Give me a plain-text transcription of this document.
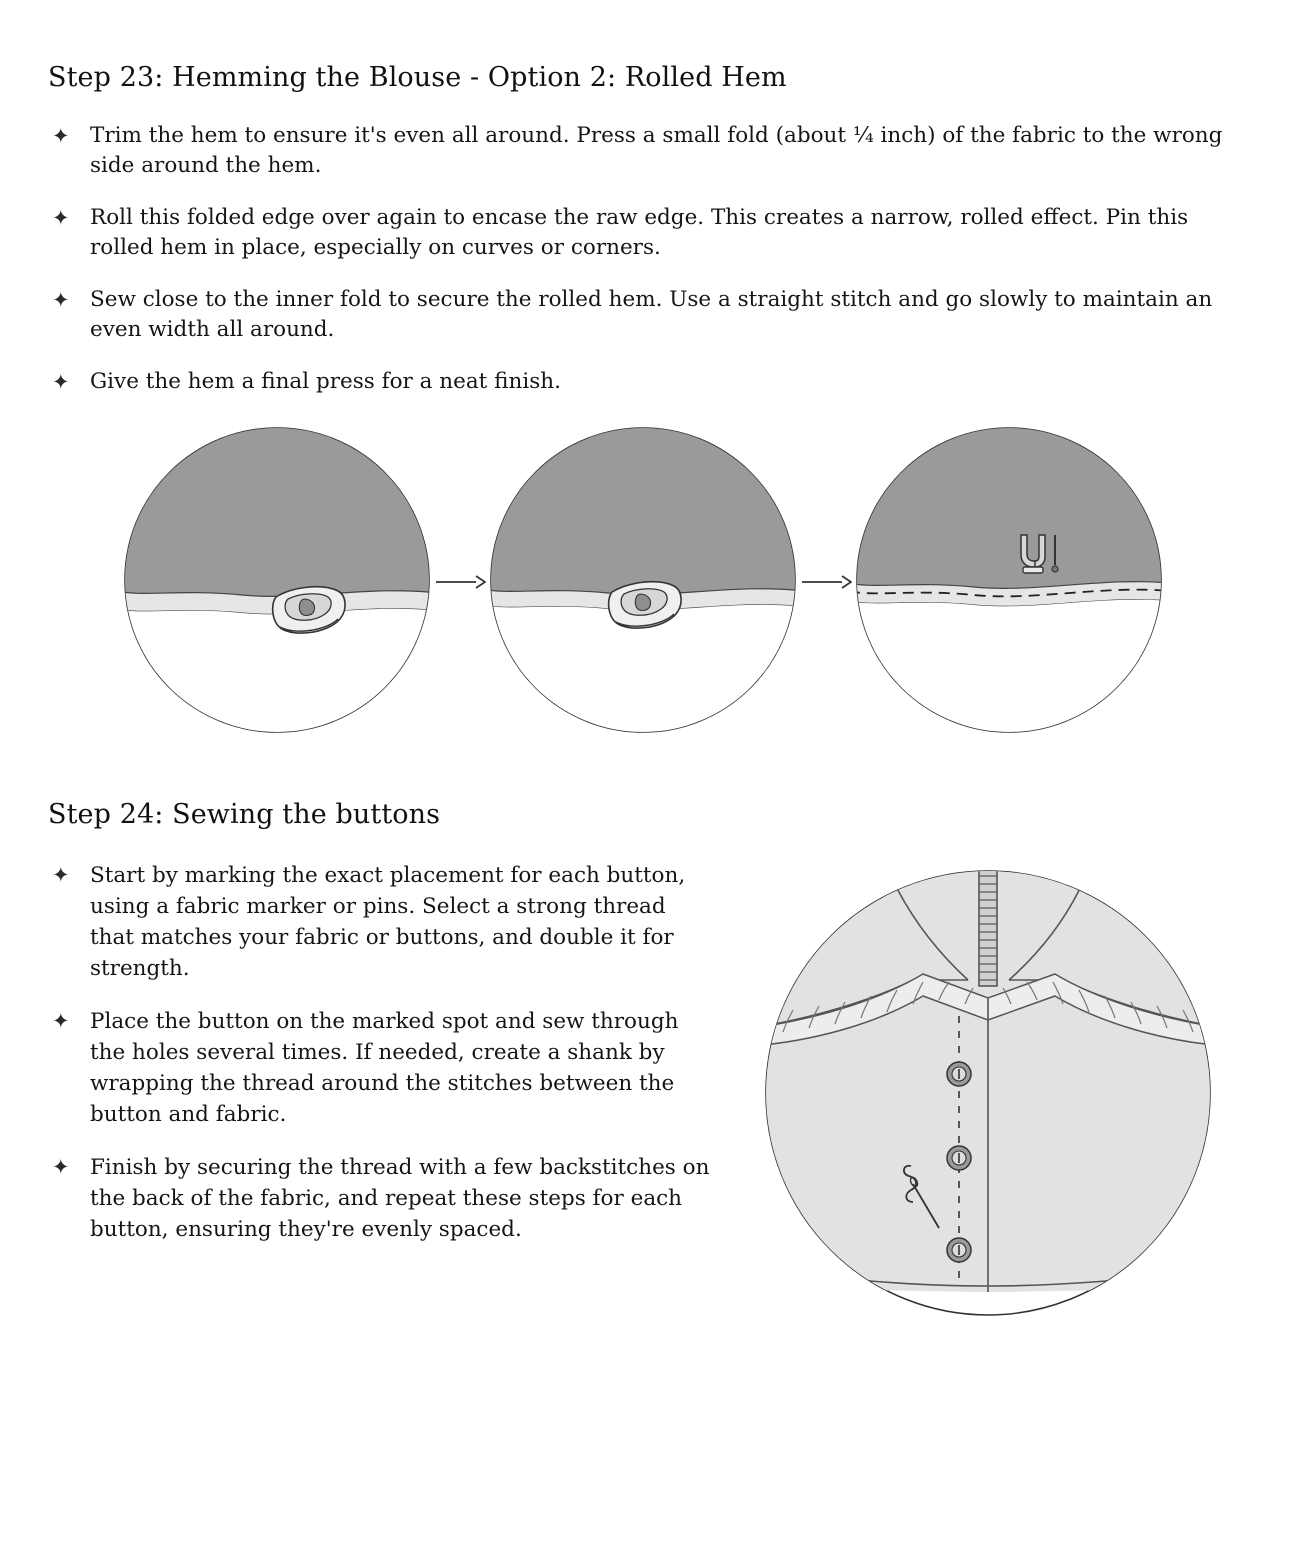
Step 23: Hemming the Blouse - Option 2: Rolled Hem
✦ Trim the hem to ensure it's even all around. Press a small fold (about ¼ inch) of the fabric to the wrong side around the hem.
✦ Roll this folded edge over again to encase the raw edge. This creates a narrow, rolled effect. Pin this rolled hem in place, especially on curves or corners.
✦ Sew close to the inner fold to secure the rolled hem. Use a straight stitch and go slowly to maintain an even width all around.
✦ Give the hem a final press for a neat finish.
Step 24: Sewing the buttons
✦ Start by marking the exact placement for each button, using a fabric marker or pins. Select a strong thread that matches your fabric or buttons, and double it for strength.
✦ Place the button on the marked spot and sew through the holes several times. If needed, create a shank by wrapping the thread around the stitches between the button and fabric.
✦ Finish by securing the thread with a few backstitches on the back of the fabric, and repeat these steps for each button, ensuring they're evenly spaced.
